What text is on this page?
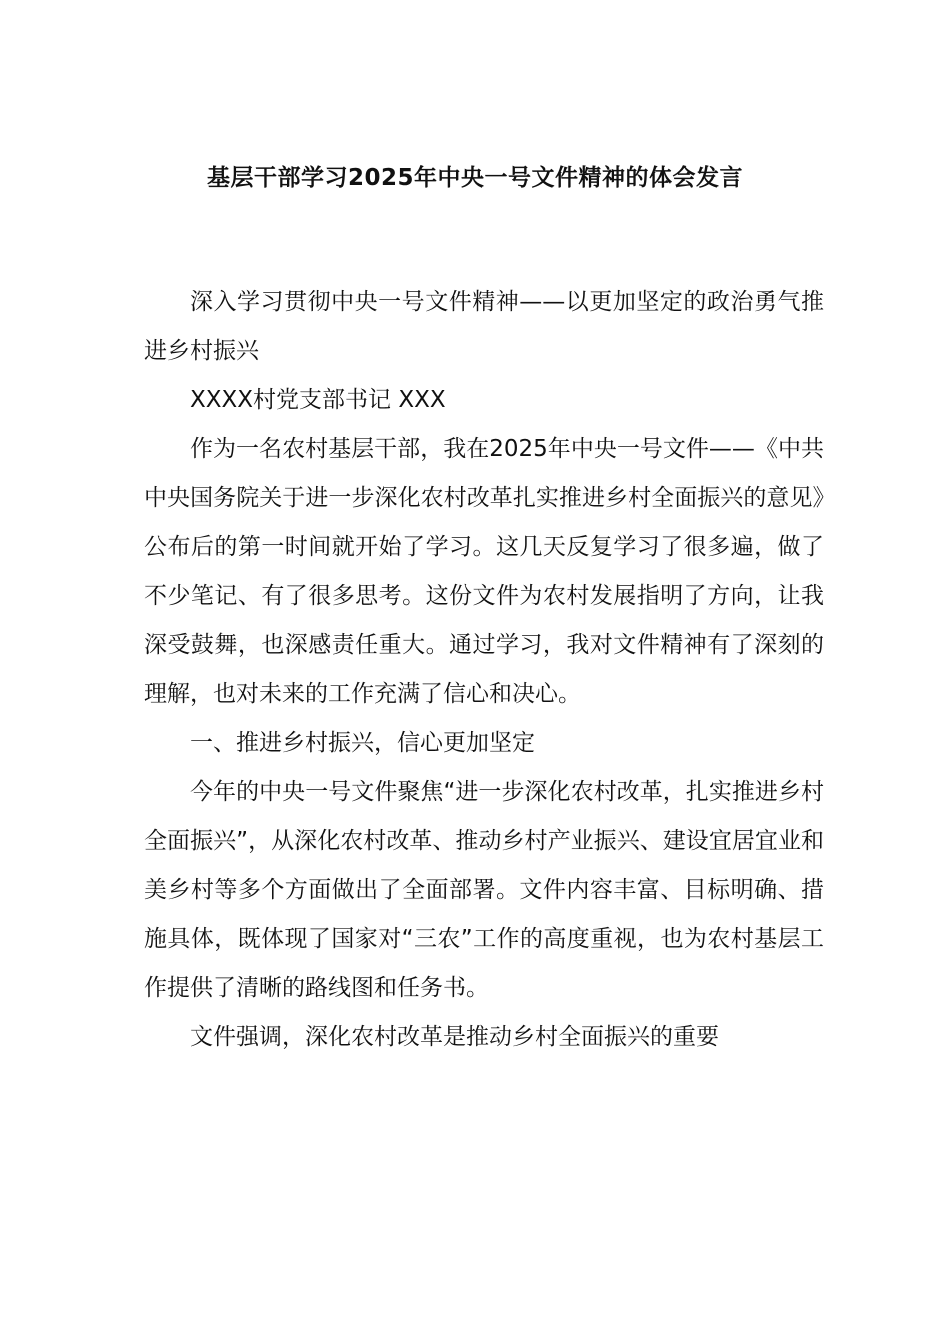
基层干部学习2025年中央一号文件精神的体会发言

深入学习贯彻中央一号文件精神——以更加坚定的政治勇气推进乡村振兴

XXXX村党支部书记 XXX

作为一名农村基层干部，我在2025年中央一号文件——《中共中央国务院关于进一步深化农村改革扎实推进乡村全面振兴的意见》公布后的第一时间就开始了学习。这几天反复学习了很多遍，做了不少笔记、有了很多思考。这份文件为农村发展指明了方向，让我深受鼓舞，也深感责任重大。通过学习，我对文件精神有了深刻的理解，也对未来的工作充满了信心和决心。

一、推进乡村振兴，信心更加坚定

今年的中央一号文件聚焦“进一步深化农村改革，扎实推进乡村全面振兴”，从深化农村改革、推动乡村产业振兴、建设宜居宜业和美乡村等多个方面做出了全面部署。文件内容丰富、目标明确、措施具体，既体现了国家对“三农”工作的高度重视，也为农村基层工作提供了清晰的路线图和任务书。

文件强调，深化农村改革是推动乡村全面振兴的重要
